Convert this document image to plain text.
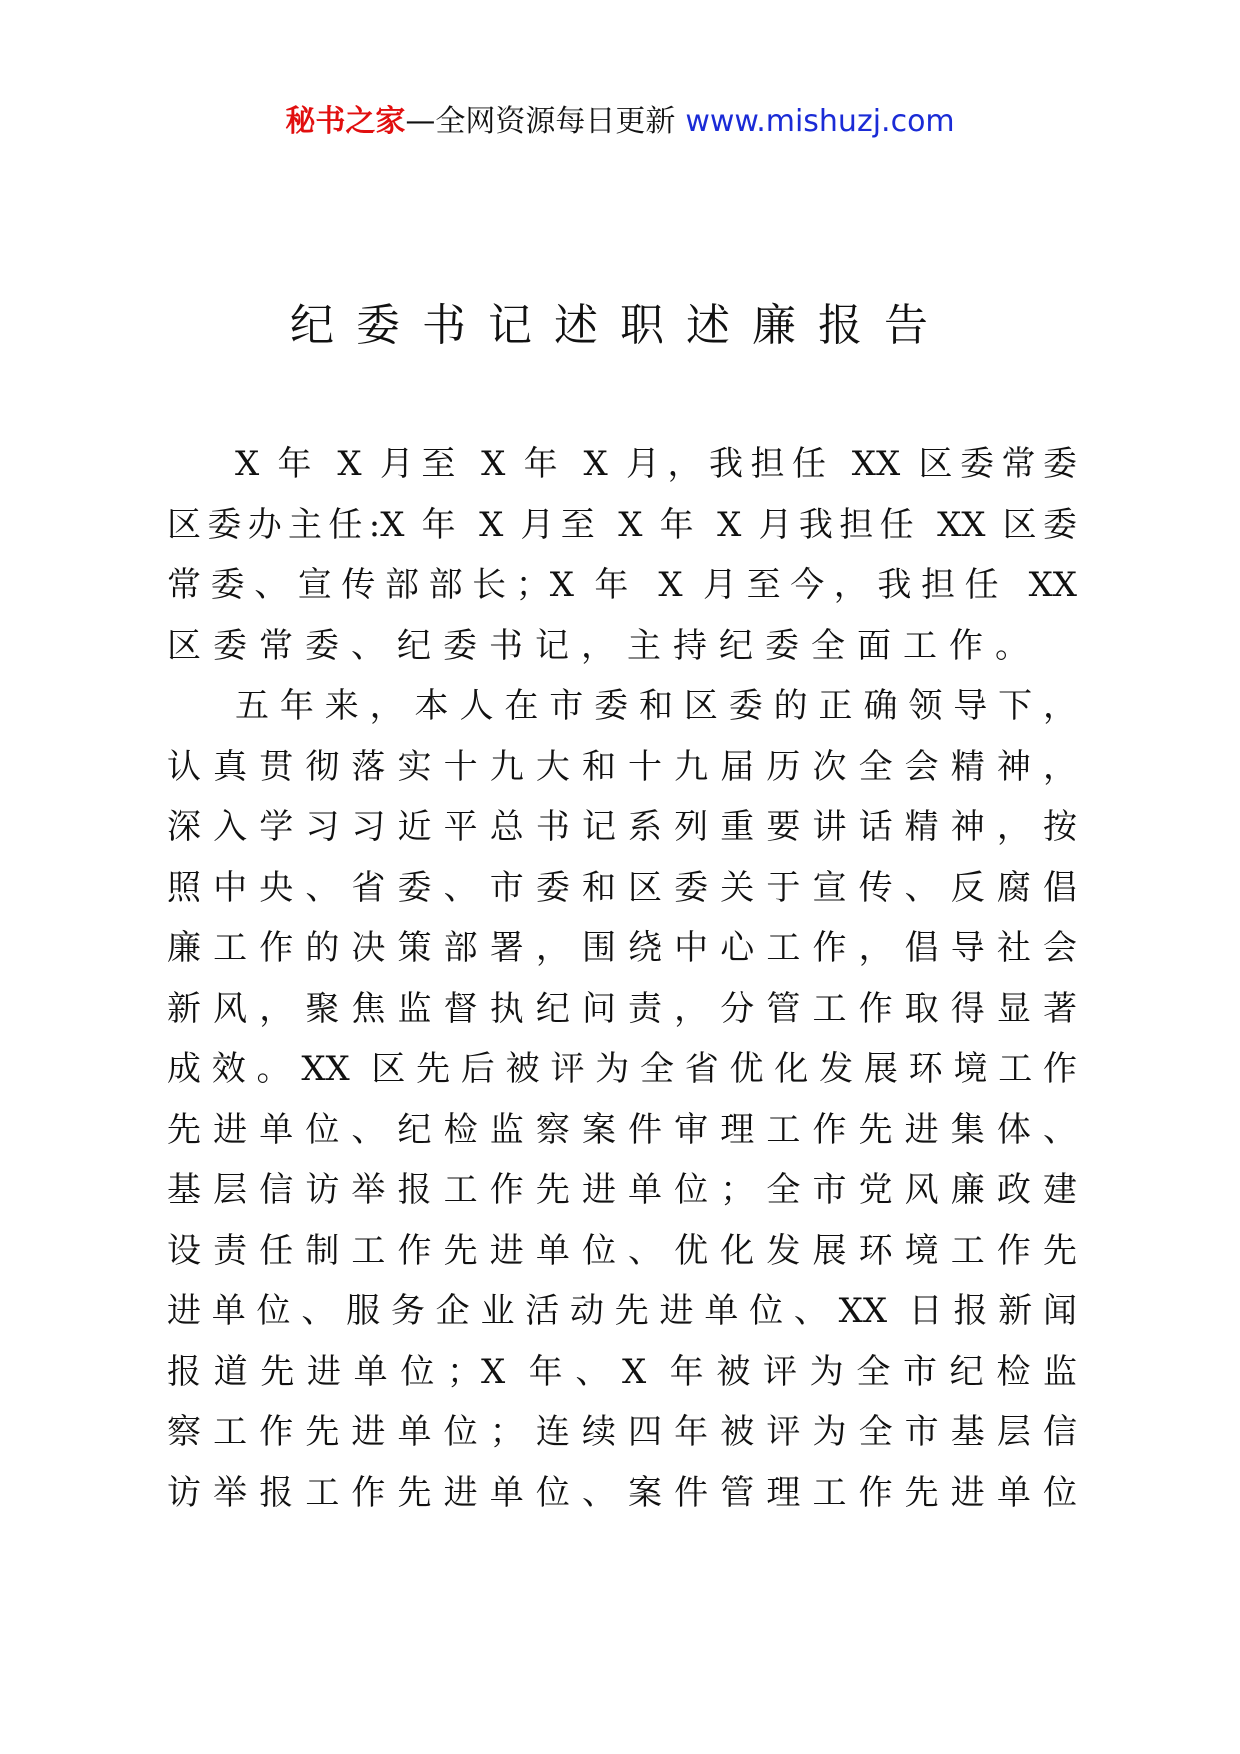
秘书之家—全网资源每日更新 www.mishuzj.com
纪委书记述职述廉报告
X 年 X 月至 X 年 X 月，我担任 XX 区委常委
区委办主任:X 年 X 月至 X 年 X 月我担任 XX 区委
常委、宣传部部长；X 年 X 月至今，我担任 XX
区委常委、纪委书记，主持纪委全面工作。
五年来，本人在市委和区委的正确领导下，
认真贯彻落实十九大和十九届历次全会精神，
深入学习习近平总书记系列重要讲话精神，按
照中央、省委、市委和区委关于宣传、反腐倡
廉工作的决策部署，围绕中心工作，倡导社会
新风，聚焦监督执纪问责，分管工作取得显著
成效。XX 区先后被评为全省优化发展环境工作
先进单位、纪检监察案件审理工作先进集体、
基层信访举报工作先进单位；全市党风廉政建
设责任制工作先进单位、优化发展环境工作先
进单位、服务企业活动先进单位、XX 日报新闻
报道先进单位；X 年、X 年被评为全市纪检监
察工作先进单位；连续四年被评为全市基层信
访举报工作先进单位、案件管理工作先进单位
